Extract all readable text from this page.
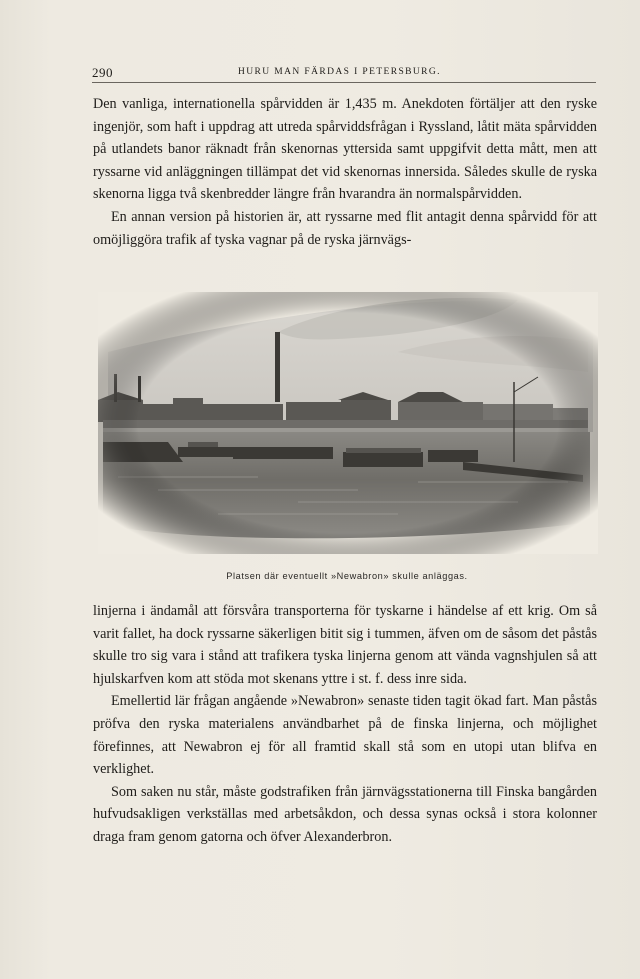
290	HURU MAN FÄRDAS I PETERSBURG.

Den vanliga, internationella spårvidden är 1,435 m. Anekdoten förtäljer att den ryske ingenjör, som haft i uppdrag att utreda spårviddsfrågan i Ryssland, låtit mäta spårvidden på utlandets banor räknadt från skenornas yttersida samt uppgifvit detta mått, men att ryssarne vid anläggningen tillämpat det vid skenornas innersida. Således skulle de ryska skenorna ligga två skenbredder längre från hvarandra än normalspårvidden.

En annan version på historien är, att ryssarne med flit antagit denna spårvidd för att omöjliggöra trafik af tyska vagnar på de ryska järnvägs-

Platsen där eventuellt »Newabron» skulle anläggas.

linjerna i ändamål att försvåra transporterna för tyskarne i händelse af ett krig. Om så varit fallet, ha dock ryssarne säkerligen bitit sig i tummen, äfven om de såsom det påstås skulle tro sig vara i stånd att trafikera tyska linjerna genom att vända vagnshjulen så att hjulskarfven kom att stöda mot skenans yttre i st. f. dess inre sida.

Emellertid lär frågan angående »Newabron» senaste tiden tagit ökad fart. Man påstås pröfva den ryska materialens användbarhet på de finska linjerna, och möjlighet förefinnes, att Newabron ej för all framtid skall stå som en utopi utan blifva en verklighet.

Som saken nu står, måste godstrafiken från järnvägsstationerna till Finska bangården hufvudsakligen verkställas med arbetsåkdon, och dessa synas också i stora kolonner draga fram genom gatorna och öfver Alexanderbron.
